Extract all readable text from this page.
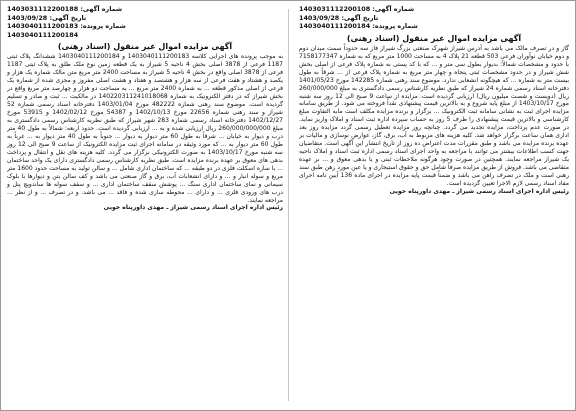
شماره آگهی: 1403031112200108
تاریخ آگهی: 1403/09/28
شماره پرونده: 1403040111200184
آگهی مزایده اموال غیر منقول (اسناد رهنی)

گاز و در تصرف مالک می باشد به آدرس شیراز شهرک صنعتی بزرگ شیراز فاز سه حدوداً سمت میدان دوم و دوم خیابان نوآوران فرعی 503 قطعه 21 پلاک 4 به مساحت 1000 متر مربع که به شماره 7158177347 با حدود و مشخصات شمالاً: بدیوار بطول سی متر و ... که با کد پستی به شماره پلاک فرعی از اصلی بخش شش شیراز و در حدود مشخصات ثبتی پنجاه و چهار متر مربع به شماره پلاک فرعی از ... شرقاً به طول بیست متر به شماره ... که هیچگونه انشعابی ندارد. موضوع سند رهنی شماره 142285 مورخ 1401/05/23 دفترخانه اسناد رسمی شماره 24 شیراز که طبق نظریه کارشناس رسمی دادگستری به مبلغ 260/000/000 ریال (دویست و شصت میلیون ریال) ارزیابی گردیده است. مزایده از ساعت 9 صبح الی 12 روز سه شنبه مورخ 1403/10/17 از مبلغ پایه شروع و به بالاترین قیمت پیشنهادی نقداً فروخته می شود. از طریق سامانه مزایده اجرای ثبت به نشانی سامانه ثبت الکترونیک ... برگزار و برنده مزایده مکلف است مابه التفاوت مبلغ کارشناسی و بالاترین قیمت پیشنهادی را ظرف 5 روز به حساب سپرده اداره ثبت اسناد و املاک واریز نماید. در صورت عدم پرداخت، مزایده تجدید می گردد. چنانچه روز مزایده تعطیل رسمی گردد مزایده روز بعد اداری همان ساعت برگزار خواهد شد. کلیه هزینه های مربوط به آب، برق، گاز، عوارض نوسازی و مالیات بر عهده برنده مزایده می باشد و طبق مقررات مدت اعتراض ده روز از تاریخ انتشار این آگهی است. متقاضیان جهت کسب اطلاعات بیشتر می توانند با مراجعه به واحد اجرای اسناد رسمی اداره ثبت اسناد و املاک ناحیه یک شیراز مراجعه نمایند. همچنین در صورت وجود هرگونه ملاحظات ثبتی و یا بدهی معوق و ... بر عهده متقاضی می باشد. فروش از طریق مزایده صرفاً شامل حق و حقوق استیجاری و یا عین مورد رهن طبق سند رهنی است و ملک در تصرف راهن می باشد و ضمناً قیمت پایه مزایده در اجرای ماده 136 آیین نامه اجرای مفاد اسناد رسمی لازم الاجرا تعیین گردیده است.

رئیس اداره اجرای اسناد رسمی شیراز ـ مهدی داورپناه خویی
شماره آگهی: 1403031112200188
تاریخ آگهی: 1403/09/28
شماره پرونده: 1403040111200183
1403040111200184
آگهی مزایده اموال غیر منقول (اسناد رهنی)

به موجب پرونده های اجرایی کلاسه 1403040111200183 و 1403040111200184 ششدانگ پلاک ثبتی 1187 فرعی از 3878 اصلی بخش 4 ناحیه 5 شیراز به یک قطعه زمین نوع ملک طلق به پلاک ثبتی 1187 فرعی از 3878 اصلی واقع در بخش 4 ناحیه 5 شیراز به مساحت 2400 متر مربع متن مالک شماره یک هزار و یکصد و هشتاد و هفت فرعی از سه هزار و هشتصد و هفتاد و هشت اصلی مفروز و مجزی شده از شماره یک فرعی از اصلی مذکور قطعه ... به شماره 2400 متر مربع ... به مساحت دو هزار و چهارصد متر مربع واقع در بخش شیراز که در دفتر الکترونیک به شماره 140220311241018068 در مالکیت ... ثبت و صادر و تسلیم گردیده است. موضوع سند رهنی شماره 482222 مورخ 1403/01/04 دفترخانه اسناد رسمی شماره 52 شیراز و سند رهنی شماره 22656 مورخ 1402/10/13 و 54387 مورخ 1402/02/12 و 53915 مورخ 1402/12/27 دفترخانه اسناد رسمی شماره 283 شهر شیراز که طبق نظریه کارشناس رسمی دادگستری به مبلغ 260/000/000/000 ریال ارزیابی شده و به ... ارزیابی گردیده است. حدود اربعه: شمالاً به طول 40 متر درب و دیوار به خیابان ... شرقاً به طول 60 متر دیوار به دیوار ... جنوباً به طول 40 متر دیوار به ... غرباً به طول 60 متر دیوار به ... که مورد وثیقه در سامانه اجرای ثبت مزایده الکترونیک از ساعت 9 صبح الی 12 روز سه شنبه مورخ 1403/10/17 به صورت الکترونیکی برگزار می گردد. کلیه هزینه های نقل و انتقال و پرداخت بدهی های معوق بر عهده برنده مزایده است. طبق نظریه کارشناس رسمی دادگستری دارای یک واحد ساختمان ... با سازه اسکلت فلزی در دو طبقه ... که ساختمان اداری شامل ... و سالن تولید به مساحت حدود 1600 متر مربع و سوله انبار و ... و دارای انشعابات آب، برق و گاز صنعتی می باشد و کف سالن بتن و دیوارها با بلوک سیمانی و نمای ساختمان اداری سنگ ... پوشش سقف ساختمان اداری ... و سقف سوله ها ساندویچ پنل و درب های ورودی فلزی ... و دارای ... محوطه سازی شده و فاقد ... می باشد. و در تصرف ... و از نظر ... مراجعه نمایند.

رئیس اداره اجرای اسناد رسمی شیراز ـ مهدی داورپناه خویی
